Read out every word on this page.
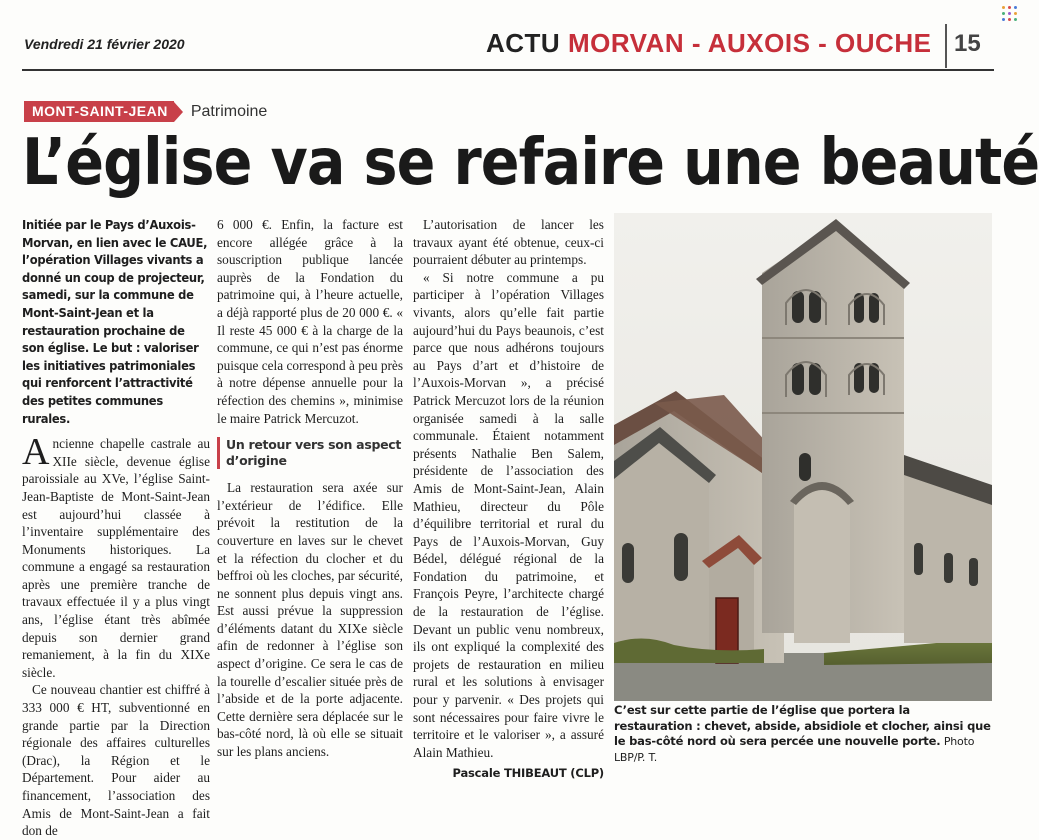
Vendredi 21 février 2020	ACTU MORVAN - AUXOIS - OUCHE 15
MONT-SAINT-JEAN	Patrimoine
L’église va se refaire une beauté
Initiée par le Pays d’Auxois-Morvan, en lien avec le CAUE, l’opération Villages vivants a donné un coup de projecteur, samedi, sur la commune de Mont-Saint-Jean et la restauration prochaine de son église. Le but : valoriser les initiatives patrimoniales qui renforcent l’attractivité des petites communes rurales.

Ancienne chapelle castrale au XIIe siècle, devenue église paroissiale au XVe, l’église Saint-Jean-Baptiste de Mont-Saint-Jean est aujourd’hui classée à l’inventaire supplémentaire des Monuments historiques. La commune a engagé sa restauration après une première tranche de travaux effectuée il y a plus vingt ans, l’église étant très abîmée depuis son dernier grand remaniement, à la fin du XIXe siècle.

Ce nouveau chantier est chiffré à 333 000 € HT, subventionné en grande partie par la Direction régionale des affaires culturelles (Drac), la Région et le Département. Pour aider au financement, l’association des Amis de Mont-Saint-Jean a fait don de

6 000 €. Enfin, la facture est encore allégée grâce à la souscription publique lancée auprès de la Fondation du patrimoine qui, à l’heure actuelle, a déjà rapporté plus de 20 000 €. « Il reste 45 000 € à la charge de la commune, ce qui n’est pas énorme puisque cela correspond à peu près à notre dépense annuelle pour la réfection des chemins », minimise le maire Patrick Mercuzot.

Un retour vers son aspect d’origine

La restauration sera axée sur l’extérieur de l’édifice. Elle prévoit la restitution de la couverture en laves sur le chevet et la réfection du clocher et du beffroi où les cloches, par sécurité, ne sonnent plus depuis vingt ans. Est aussi prévue la suppression d’éléments datant du XIXe siècle afin de redonner à l’église son aspect d’origine. Ce sera le cas de la tourelle d’escalier située près de l’abside et de la porte adjacente. Cette dernière sera déplacée sur le bas-côté nord, là où elle se situait sur les plans anciens.

L’autorisation de lancer les travaux ayant été obtenue, ceux-ci pourraient débuter au printemps.

« Si notre commune a pu participer à l’opération Villages vivants, alors qu’elle fait partie aujourd’hui du Pays beaunois, c’est parce que nous adhérons toujours au Pays d’art et d’histoire de l’Auxois-Morvan », a précisé Patrick Mercuzot lors de la réunion organisée samedi à la salle communale. Étaient notamment présents Nathalie Ben Salem, présidente de l’association des Amis de Mont-Saint-Jean, Alain Mathieu, directeur du Pôle d’équilibre territorial et rural du Pays de l’Auxois-Morvan, Guy Bédel, délégué régional de la Fondation du patrimoine, et François Peyre, l’architecte chargé de la restauration de l’église. Devant un public venu nombreux, ils ont expliqué la complexité des projets de restauration en milieu rural et les solutions à envisager pour y parvenir. « Des projets qui sont nécessaires pour faire vivre le territoire et le valoriser », a assuré Alain Mathieu.

Pascale THIBEAUT (CLP)
C’est sur cette partie de l’église que portera la restauration : chevet, abside, absidiole et clocher, ainsi que le bas-côté nord où sera percée une nouvelle porte. Photo LBP/P. T.
